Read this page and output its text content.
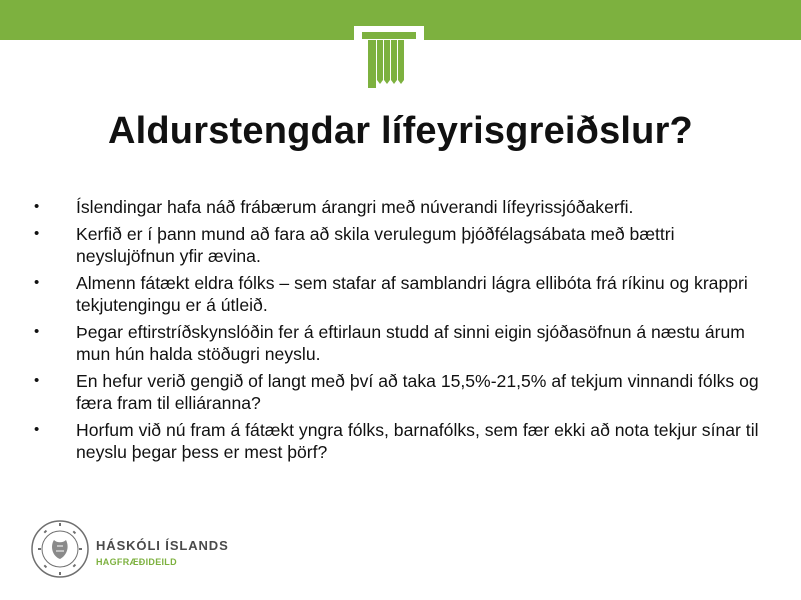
Aldurstengdar lífeyrisgreiðslur?
• Íslendingar hafa náð frábærum árangri með núverandi lífeyrissjóðakerfi.
• Kerfið er í þann mund að fara að skila verulegum þjóðfélagsábata með bættri neyslujöfnun yfir ævina.
• Almenn fátækt eldra fólks – sem stafar af samblandri lágra ellibóta frá ríkinu og krappri tekjutengingu er á útleið.
• Þegar eftirstríðskynslóðin fer á eftirlaun studd af sinni eigin sjóðasöfnun á næstu árum mun hún halda stöðugri neyslu.
• En hefur verið gengið of langt með því að taka 15,5%-21,5% af tekjum vinnandi fólks og færa fram til elliáranna?
• Horfum við nú fram á fátækt yngra fólks, barnafólks, sem fær ekki að nota tekjur sínar til neyslu þegar þess er mest þörf?
HÁSKÓLI ÍSLANDS
HAGFRÆÐIDEILD
